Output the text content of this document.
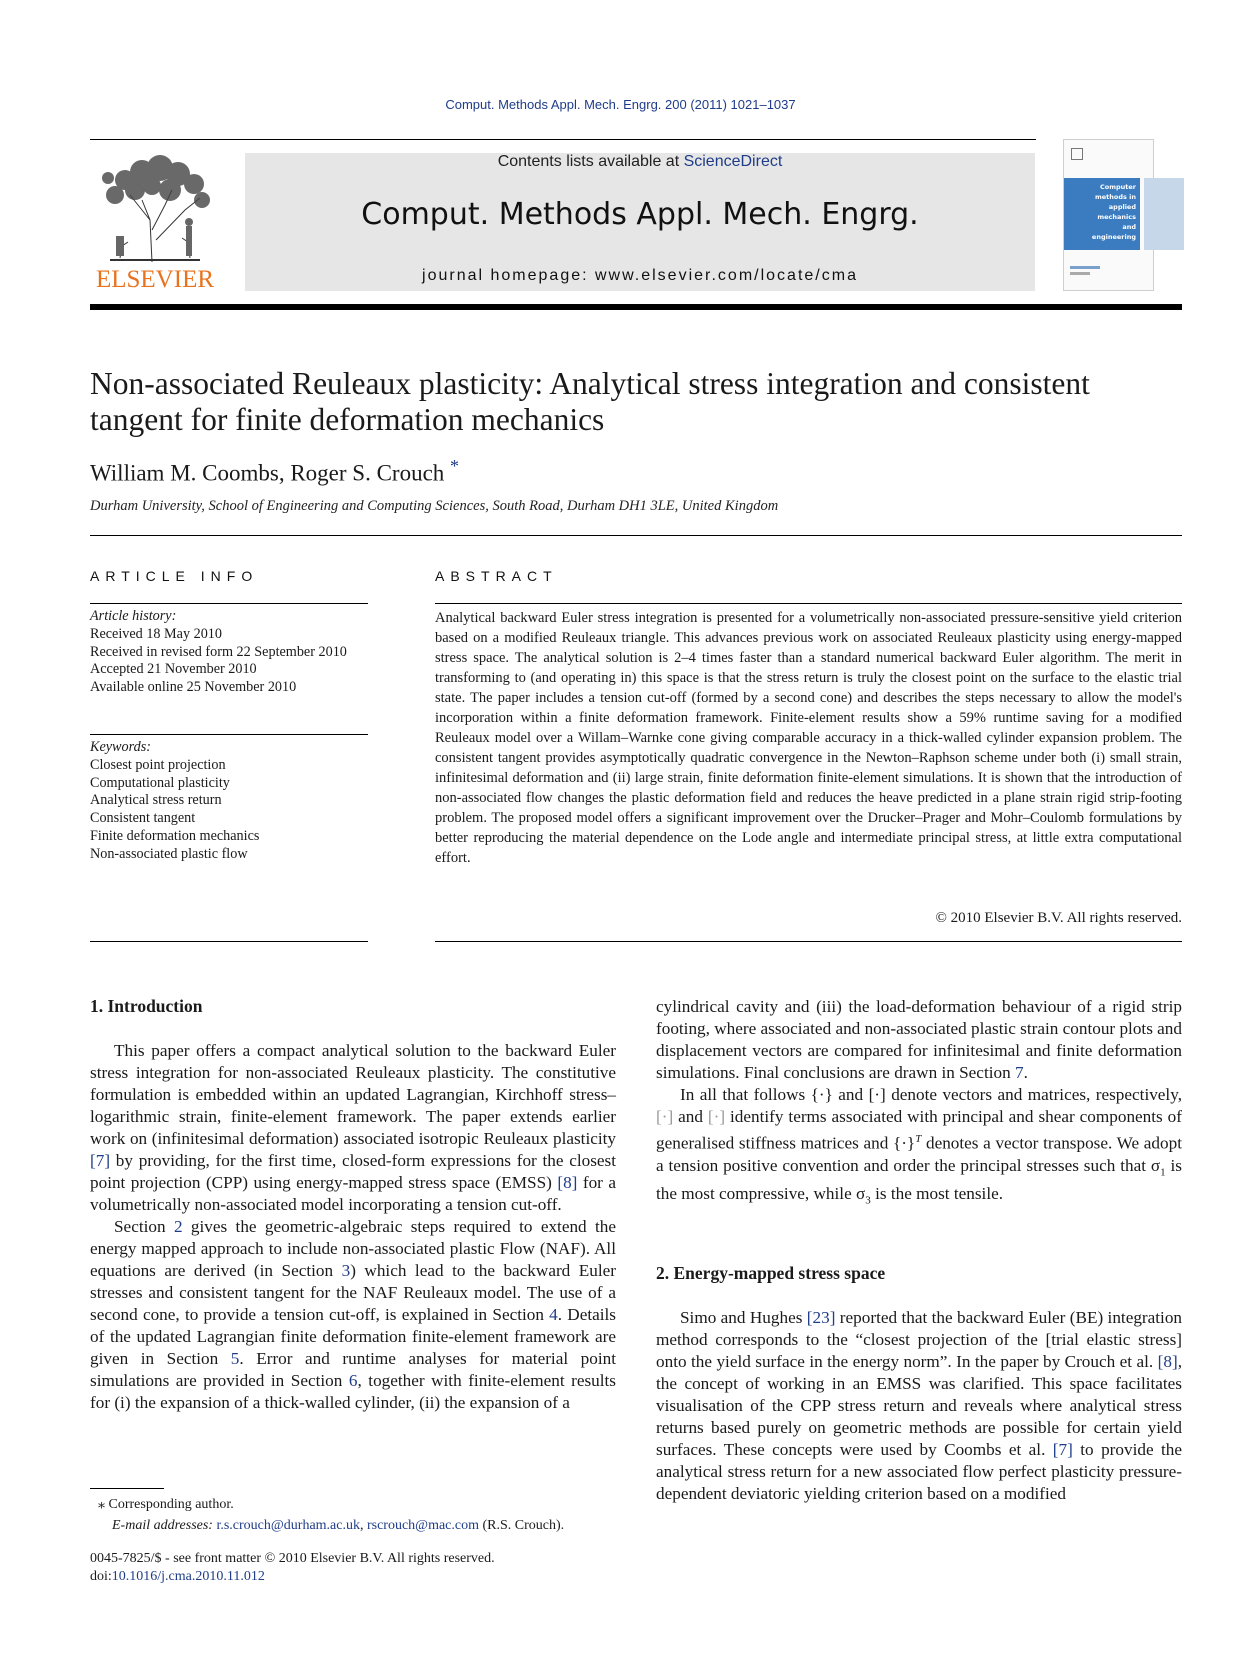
Comput. Methods Appl. Mech. Engrg. 200 (2011) 1021–1037
ELSEVIER
Contents lists available at ScienceDirect
Comput. Methods Appl. Mech. Engrg.
journal homepage: www.elsevier.com/locate/cma
Computer
methods in
applied
mechanics
and
engineering
Non-associated Reuleaux plasticity: Analytical stress integration and consistent tangent for finite deformation mechanics
William M. Coombs, Roger S. Crouch *
Durham University, School of Engineering and Computing Sciences, South Road, Durham DH1 3LE, United Kingdom
ARTICLE INFO	ABSTRACT
Article history:
Received 18 May 2010
Received in revised form 22 September 2010
Accepted 21 November 2010
Available online 25 November 2010
Keywords:
Closest point projection
Computational plasticity
Analytical stress return
Consistent tangent
Finite deformation mechanics
Non-associated plastic flow
Analytical backward Euler stress integration is presented for a volumetrically non-associated pressure-sensitive yield criterion based on a modified Reuleaux triangle. This advances previous work on associated Reuleaux plasticity using energy-mapped stress space. The analytical solution is 2–4 times faster than a standard numerical backward Euler algorithm. The merit in transforming to (and operating in) this space is that the stress return is truly the closest point on the surface to the elastic trial state. The paper includes a tension cut-off (formed by a second cone) and describes the steps necessary to allow the model's incorporation within a finite deformation framework. Finite-element results show a 59% runtime saving for a modified Reuleaux model over a Willam–Warnke cone giving comparable accuracy in a thick-walled cylinder expansion problem. The consistent tangent provides asymptotically quadratic convergence in the Newton–Raphson scheme under both (i) small strain, infinitesimal deformation and (ii) large strain, finite deformation finite-element simulations. It is shown that the introduction of non-associated flow changes the plastic deformation field and reduces the heave predicted in a plane strain rigid strip-footing problem. The proposed model offers a significant improvement over the Drucker–Prager and Mohr–Coulomb formulations by better reproducing the material dependence on the Lode angle and intermediate principal stress, at little extra computational effort.
© 2010 Elsevier B.V. All rights reserved.
1. Introduction

This paper offers a compact analytical solution to the backward Euler stress integration for non-associated Reuleaux plasticity. The constitutive formulation is embedded within an updated Lagrangian, Kirchhoff stress–logarithmic strain, finite-element framework. The paper extends earlier work on (infinitesimal deformation) associated isotropic Reuleaux plasticity [7] by providing, for the first time, closed-form expressions for the closest point projection (CPP) using energy-mapped stress space (EMSS) [8] for a volumetrically non-associated model incorporating a tension cut-off.

Section 2 gives the geometric-algebraic steps required to extend the energy mapped approach to include non-associated plastic Flow (NAF). All equations are derived (in Section 3) which lead to the backward Euler stresses and consistent tangent for the NAF Reuleaux model. The use of a second cone, to provide a tension cut-off, is explained in Section 4. Details of the updated Lagrangian finite deformation finite-element framework are given in Section 5. Error and runtime analyses for material point simulations are provided in Section 6, together with finite-element results for (i) the expansion of a thick-walled cylinder, (ii) the expansion of a

cylindrical cavity and (iii) the load-deformation behaviour of a rigid strip footing, where associated and non-associated plastic strain contour plots and displacement vectors are compared for infinitesimal and finite deformation simulations. Final conclusions are drawn in Section 7.

In all that follows {·} and [·] denote vectors and matrices, respectively, [·] and [·] identify terms associated with principal and shear components of generalised stiffness matrices and $\{\cdot\}^T$ denotes a vector transpose. We adopt a tension positive convention and order the principal stresses such that $\sigma_1$ is the most compressive, while $\sigma_3$ is the most tensile.

2. Energy-mapped stress space

Simo and Hughes [23] reported that the backward Euler (BE) integration method corresponds to the “closest projection of the [trial elastic stress] onto the yield surface in the energy norm”. In the paper by Crouch et al. [8], the concept of working in an EMSS was clarified. This space facilitates visualisation of the CPP stress return and reveals where analytical stress returns based purely on geometric methods are possible for certain yield surfaces. These concepts were used by Coombs et al. [7] to provide the analytical stress return for a new associated flow perfect plasticity pressure-dependent deviatoric yielding criterion based on a modified

⁎ Corresponding author.
E-mail addresses: r.s.crouch@durham.ac.uk, rscrouch@mac.com (R.S. Crouch).
0045-7825/$ - see front matter © 2010 Elsevier B.V. All rights reserved.
doi:10.1016/j.cma.2010.11.012
